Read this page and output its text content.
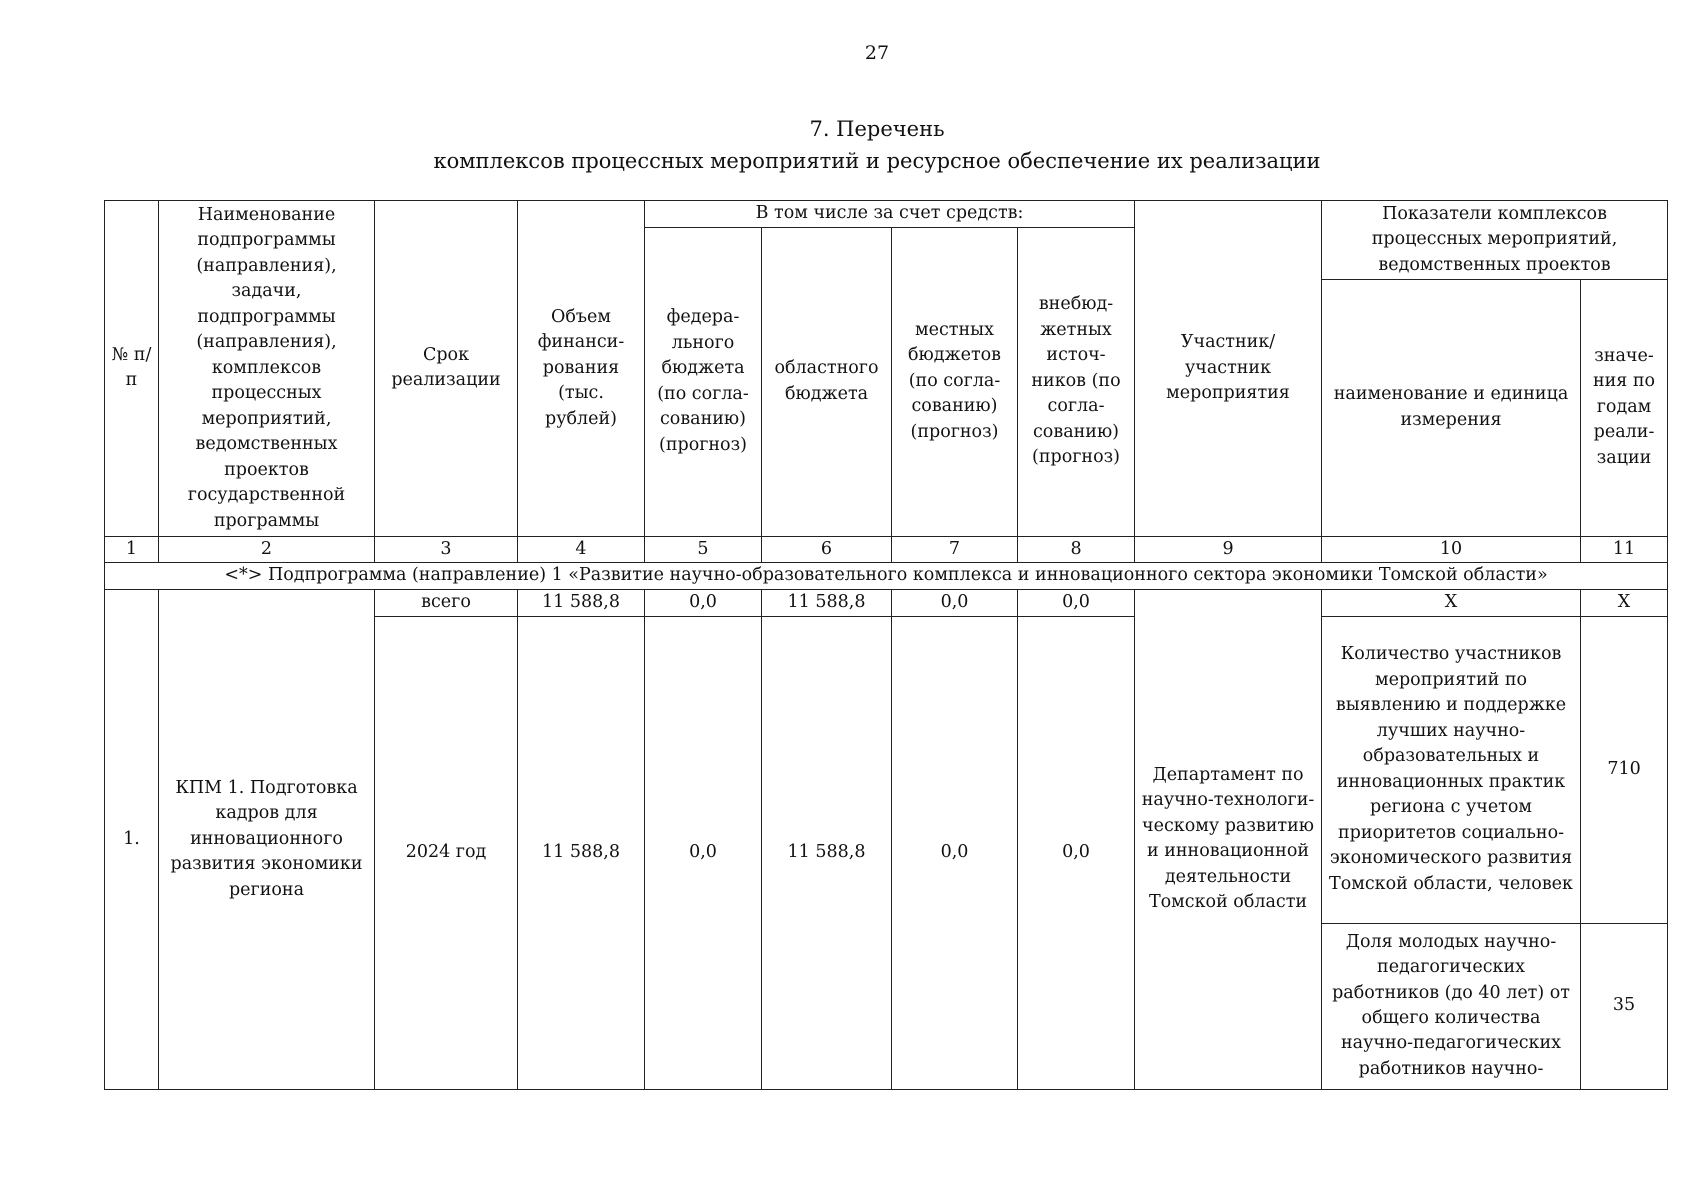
27
7. Перечень
комплексов процессных мероприятий и ресурсное обеспечение их реализации
№ п/п	Наименование подпрограммы (направления), задачи, подпрограммы (направления), комплексов процессных мероприятий, ведомственных проектов государственной программы	Срок реализации	Объем финанси-рования (тыс. рублей)	В том числе за счет средств:				Участник/ участник мероприятия	Показатели комплексов процессных мероприятий, ведомственных проектов	
				федера-льного бюджета (по согла-сованию) (прогноз)	областного бюджета	местных бюджетов (по согла-сованию) (прогноз)	внебюд-жетных источ-ников (по согла-сованию) (прогноз)			
									наименование и единица измерения	значе-ния по годам реали-зации
1	2	3	4	5	6	7	8	9	10	11
<*> Подпрограмма (направление) 1 «Развитие научно-образовательного комплекса и инновационного сектора экономики Томской области»										
1.	КПМ 1. Подготовка кадров для инновационного развития экономики региона	всего	11 588,8	0,0	11 588,8	0,0	0,0	Департамент по научно-технологи-ческому развитию и инновационной деятельности Томской области	X	X
		2024 год	11 588,8	0,0	11 588,8	0,0	0,0		Количество участников мероприятий по выявлению и поддержке лучших научно-образовательных и инновационных практик региона с учетом приоритетов социально-экономического развития Томской области, человек	710
									Доля молодых научно-педагогических работников (до 40 лет) от общего количества научно-педагогических работников научно-	35
